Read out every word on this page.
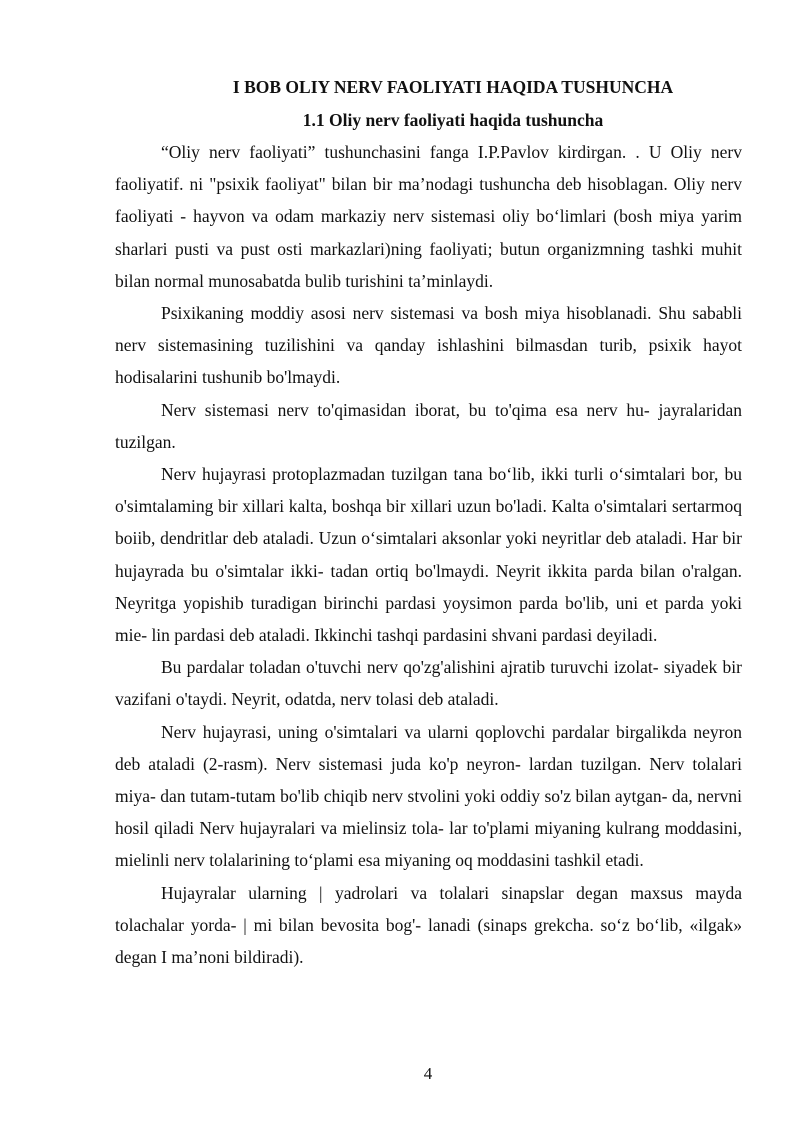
I BOB OLIY NERV FAOLIYATI HAQIDA TUSHUNCHA
1.1 Oliy nerv faoliyati haqida tushuncha

“Oliy nerv faoliyati” tushunchasini fanga I.P.Pavlov kirdirgan. . U Oliy nerv faoliyatif. ni "psixik faoliyat" bilan bir ma’nodagi tushuncha deb hisoblagan. Oliy nerv faoliyati - hayvon va odam markaziy nerv sistemasi oliy bo‘limlari (bosh miya yarim sharlari pusti va pust osti markazlari)ning faoliyati; butun organizmning tashki muhit bilan normal munosabatda bulib turishini ta’minlaydi.

Psixikaning moddiy asosi nerv sistemasi va bosh miya hisoblanadi. Shu sababli nerv sistemasining tuzilishini va qanday ishlashini bilmasdan turib, psixik hayot hodisalarini tushunib bo'lmaydi.

Nerv sistemasi nerv to'qimasidan iborat, bu to'qima esa nerv hu- jayralaridan tuzilgan.

Nerv hujayrasi protoplazmadan tuzilgan tana bo‘lib, ikki turli o‘simtalari bor, bu o'simtalaming bir xillari kalta, boshqa bir xillari uzun bo'ladi. Kalta o'simtalari sertarmoq boiib, dendritlar deb ataladi. Uzun o‘simtalari aksonlar yoki neyritlar deb ataladi. Har bir hujayrada bu o'simtalar ikki- tadan ortiq bo'lmaydi. Neyrit ikkita parda bilan o'ralgan. Neyritga yopishib turadigan birinchi pardasi yoysimon parda bo'lib, uni et parda yoki mie- lin pardasi deb ataladi. Ikkinchi tashqi pardasini shvani pardasi deyiladi.

Bu pardalar toladan o'tuvchi nerv qo'zg'alishini ajratib turuvchi izolat- siyadek bir vazifani o'taydi. Neyrit, odatda, nerv tolasi deb ataladi.

Nerv hujayrasi, uning o'simtalari va ularni qoplovchi pardalar birgalikda neyron deb ataladi (2-rasm). Nerv sistemasi juda ko'p neyron- lardan tuzilgan. Nerv tolalari miya- dan tutam-tutam bo'lib chiqib nerv stvolini yoki oddiy so'z bilan aytgan- da, nervni hosil qiladi Nerv hujayralari va mielinsiz tola- lar to'plami miyaning kulrang moddasini, mielinli nerv tolalarining to‘plami esa miyaning oq moddasini tashkil etadi.

Hujayralar ularning | yadrolari va tolalari sinapslar degan maxsus mayda tolachalar yorda- | mi bilan bevosita bog'- lanadi (sinaps grekcha. so‘z bo‘lib, «ilgak» degan I ma’noni bildiradi).

4
